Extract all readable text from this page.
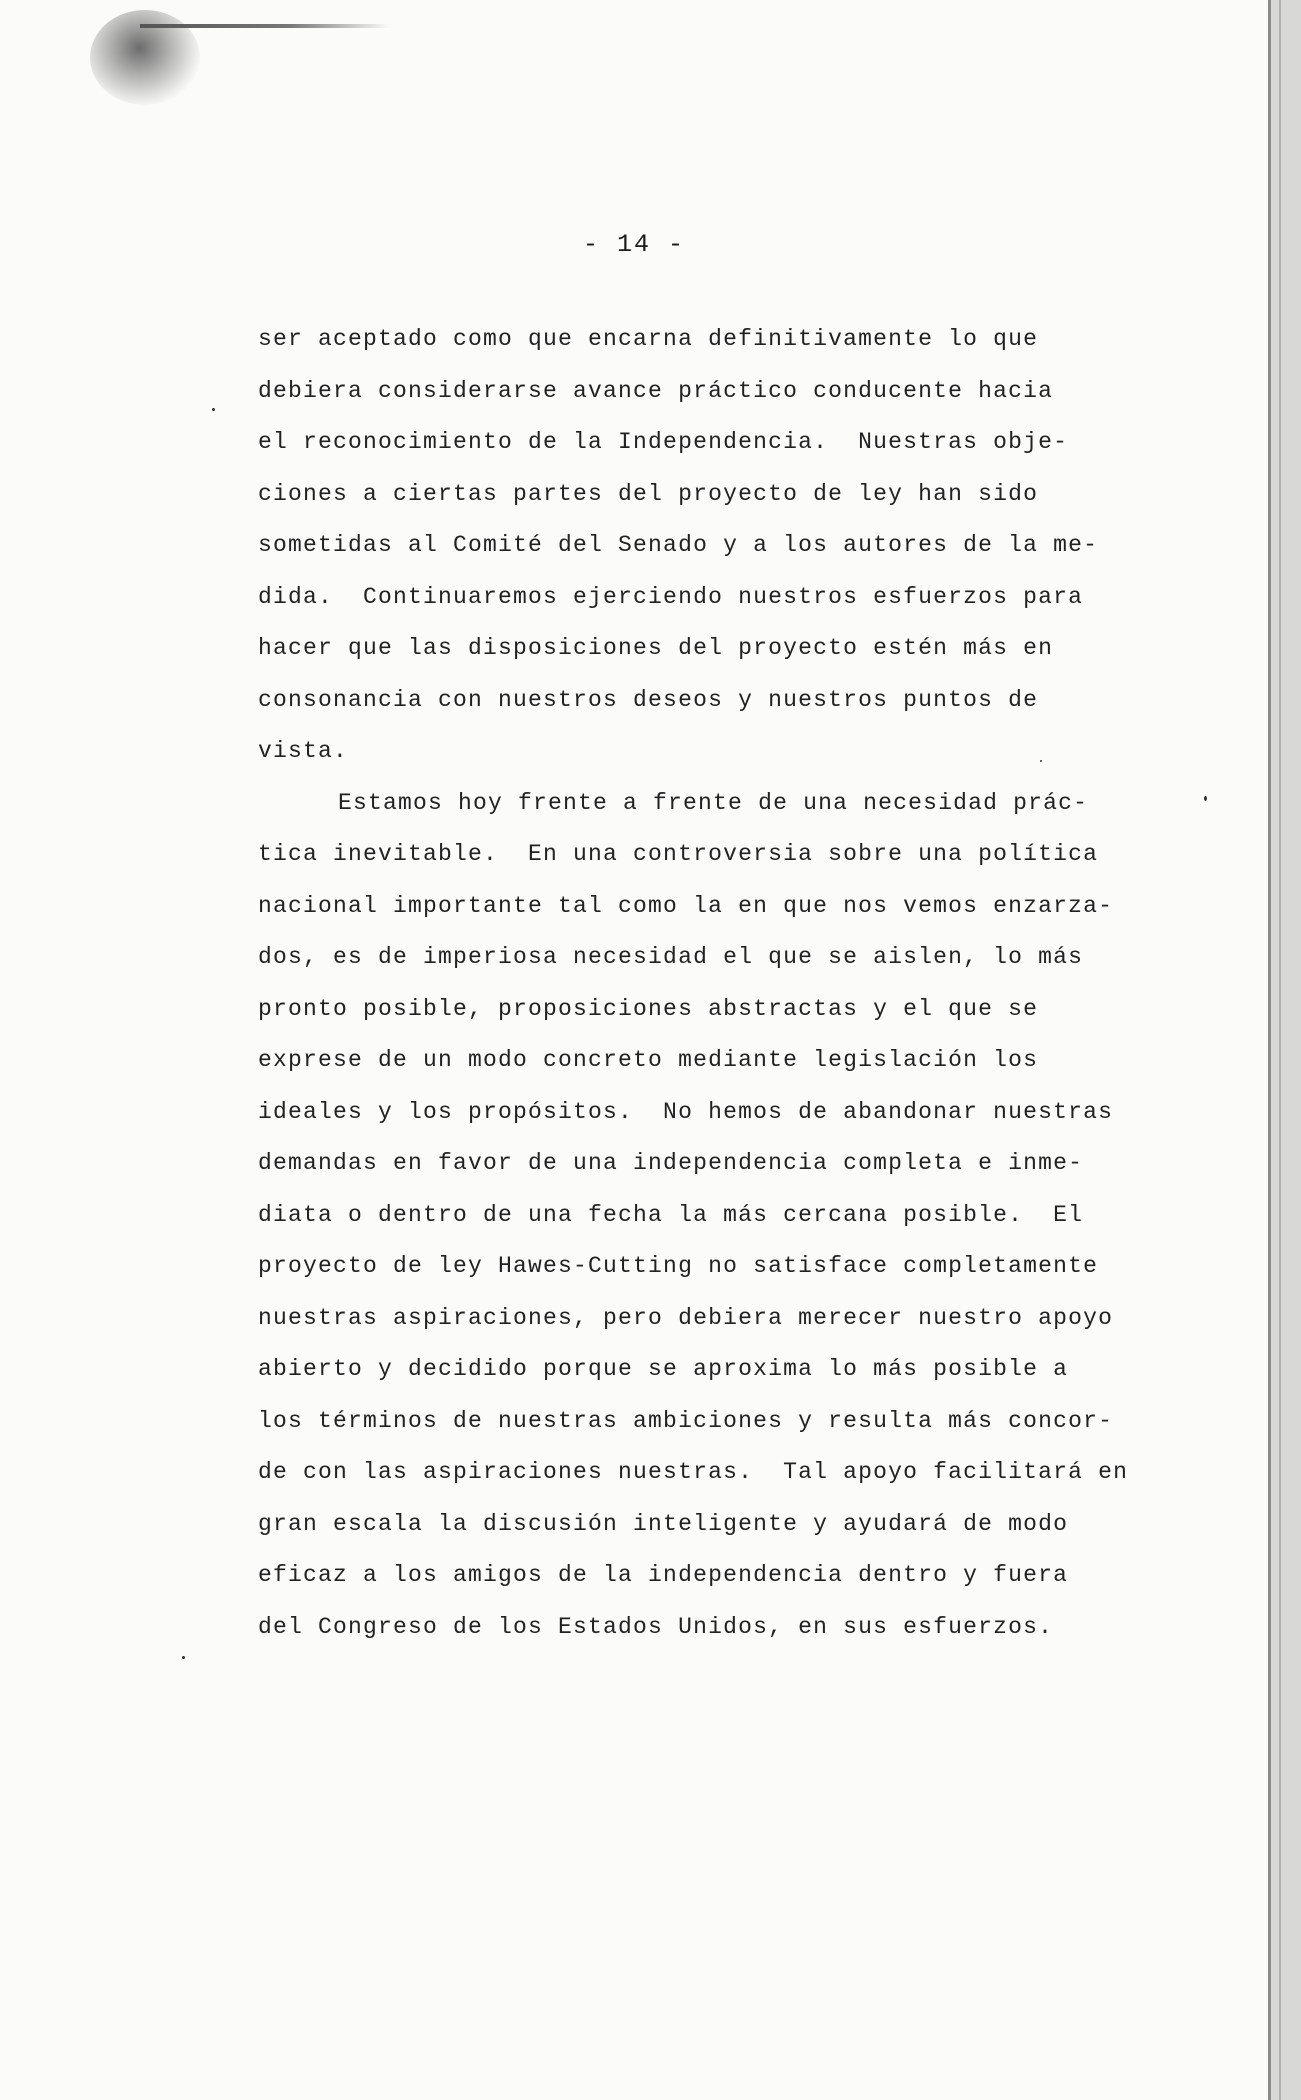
- 14 -
ser aceptado como que encarna definitivamente lo que
debiera considerarse avance práctico conducente hacia
el reconocimiento de la Independencia.  Nuestras obje-
ciones a ciertas partes del proyecto de ley han sido
sometidas al Comité del Senado y a los autores de la me-
dida.  Continuaremos ejerciendo nuestros esfuerzos para
hacer que las disposiciones del proyecto estén más en
consonancia con nuestros deseos y nuestros puntos de
vista.
Estamos hoy frente a frente de una necesidad prác-
tica inevitable.  En una controversia sobre una política
nacional importante tal como la en que nos vemos enzarza-
dos, es de imperiosa necesidad el que se aislen, lo más
pronto posible, proposiciones abstractas y el que se
exprese de un modo concreto mediante legislación los
ideales y los propósitos.  No hemos de abandonar nuestras
demandas en favor de una independencia completa e inme-
diata o dentro de una fecha la más cercana posible.  El
proyecto de ley Hawes-Cutting no satisface completamente
nuestras aspiraciones, pero debiera merecer nuestro apoyo
abierto y decidido porque se aproxima lo más posible a
los términos de nuestras ambiciones y resulta más concor-
de con las aspiraciones nuestras.  Tal apoyo facilitará en
gran escala la discusión inteligente y ayudará de modo
eficaz a los amigos de la independencia dentro y fuera
del Congreso de los Estados Unidos, en sus esfuerzos.
